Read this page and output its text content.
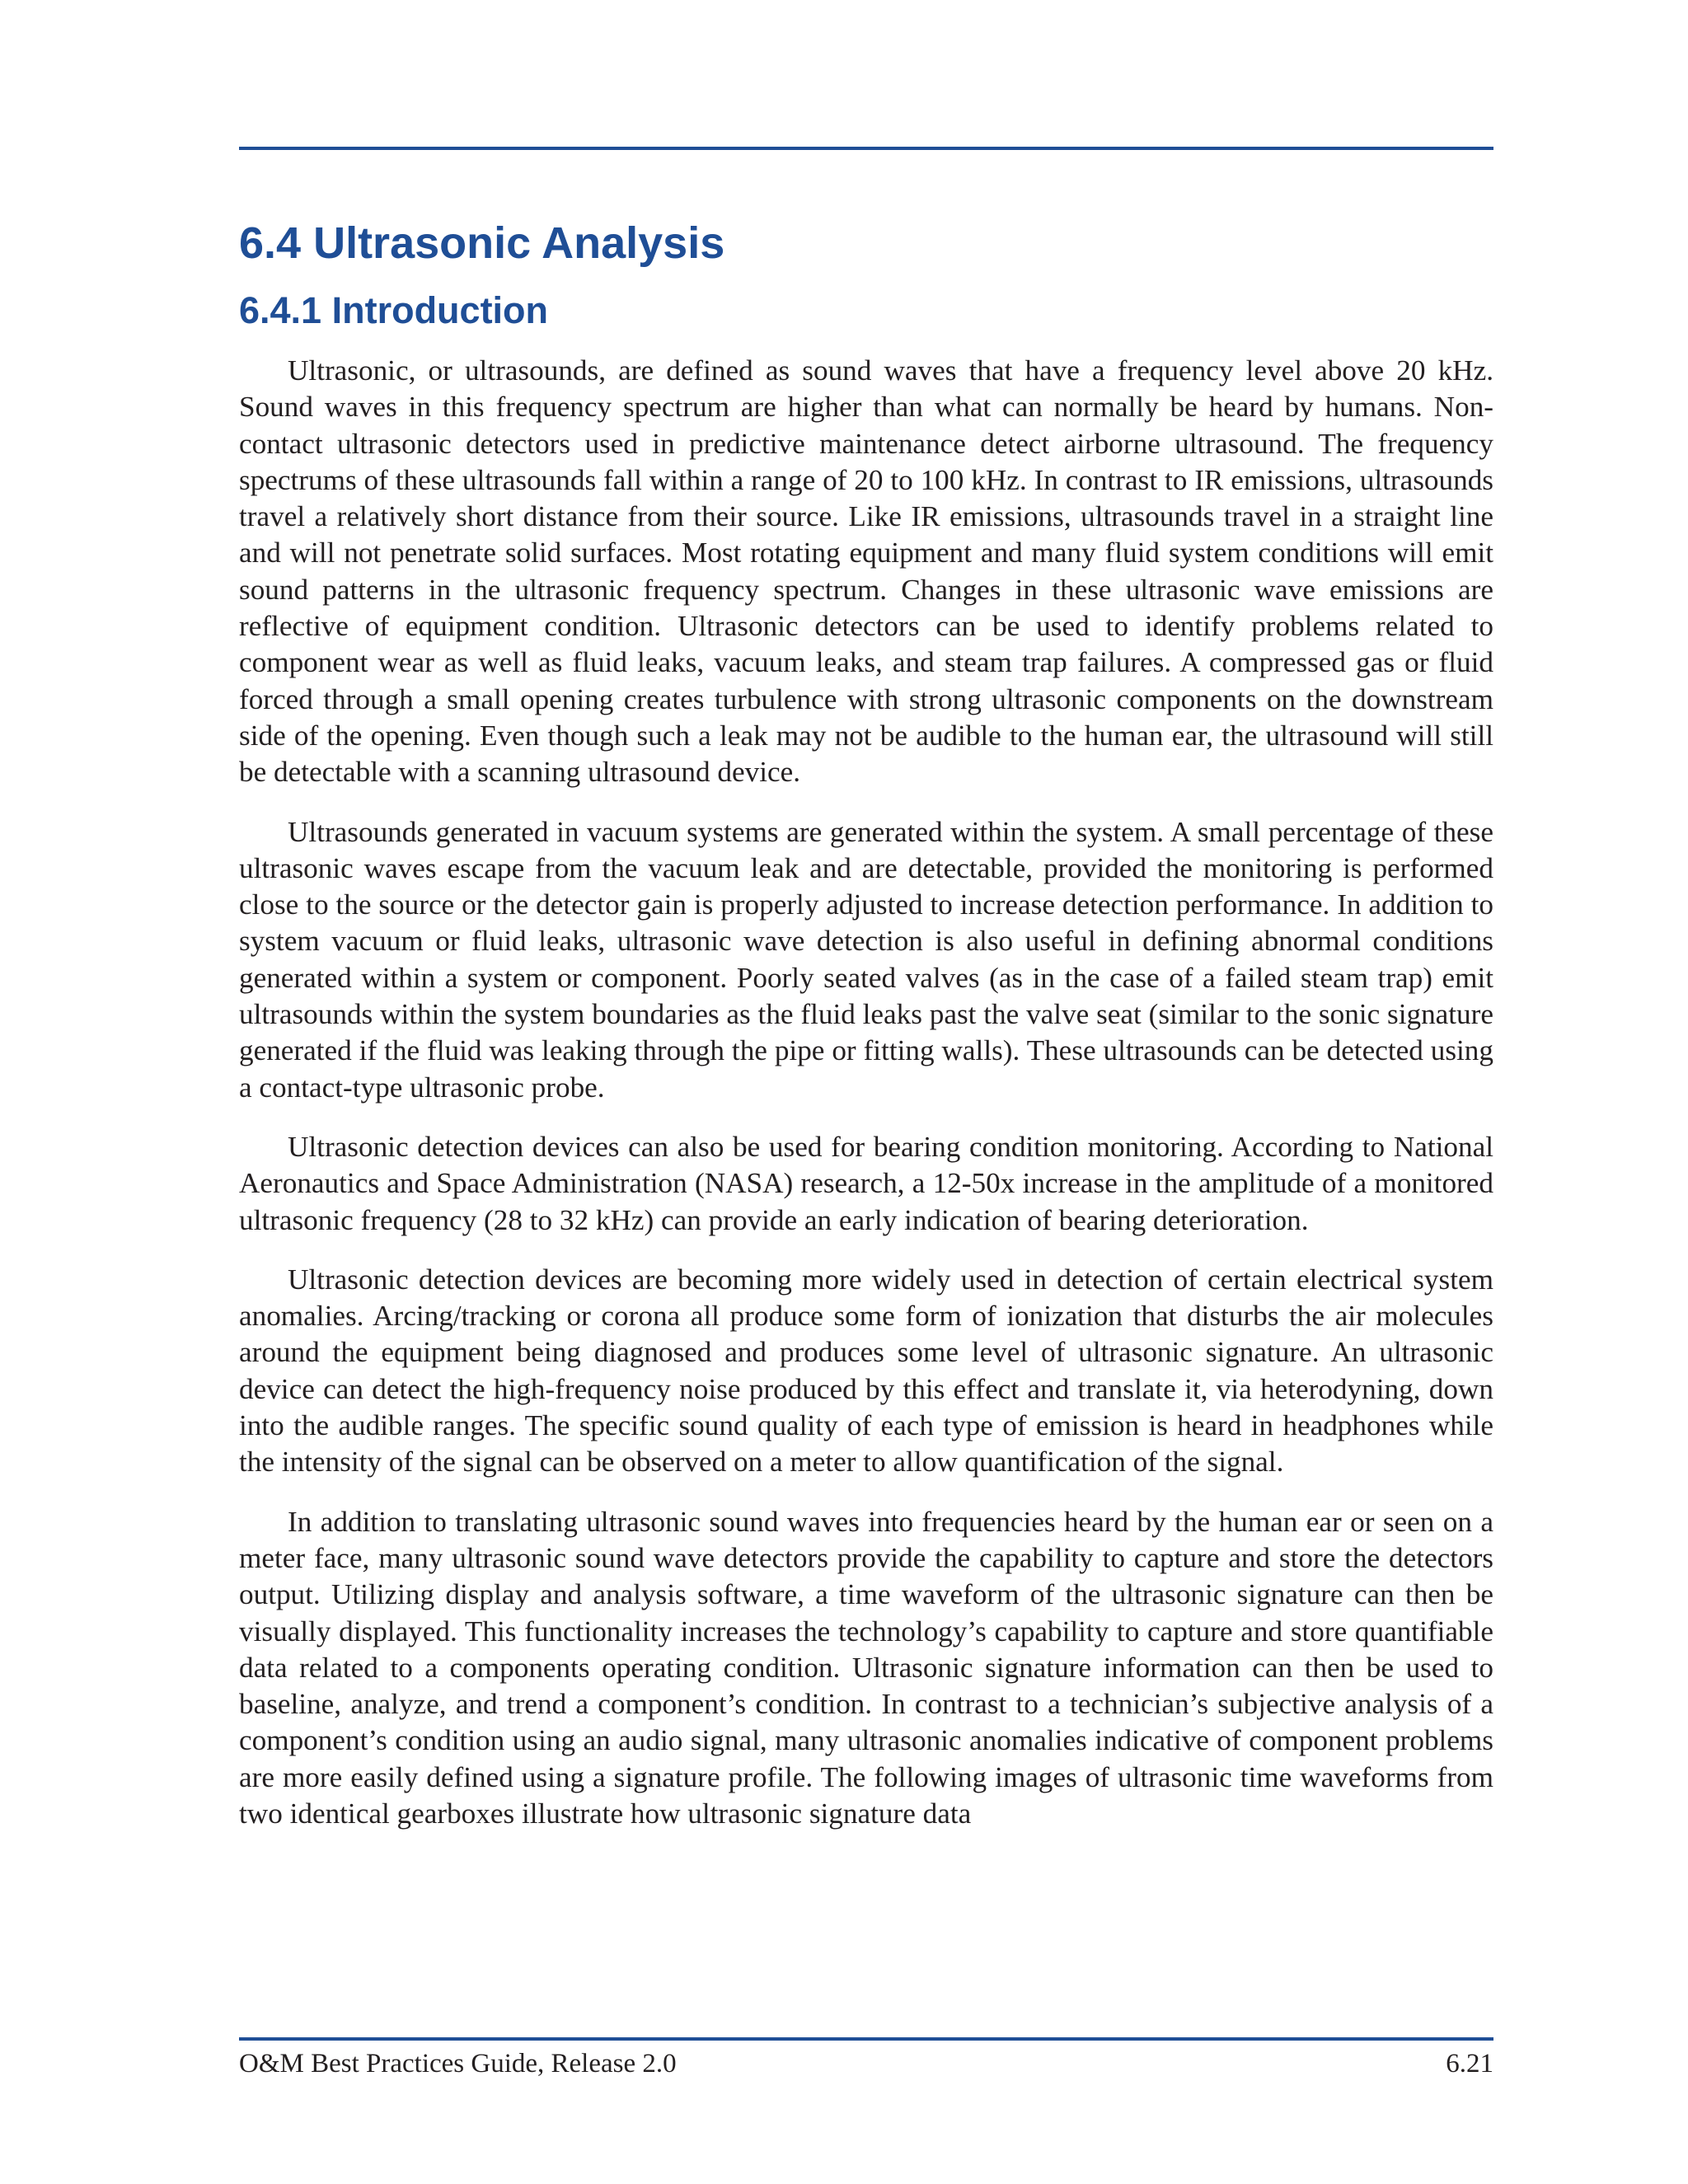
6.4 Ultrasonic Analysis
6.4.1 Introduction

Ultrasonic, or ultrasounds, are defined as sound waves that have a frequency level above 20 kHz. Sound waves in this frequency spectrum are higher than what can normally be heard by humans. Non-contact ultrasonic detectors used in predictive maintenance detect airborne ultrasound. The frequency spectrums of these ultrasounds fall within a range of 20 to 100 kHz. In contrast to IR emissions, ultrasounds travel a relatively short distance from their source. Like IR emissions, ultrasounds travel in a straight line and will not penetrate solid surfaces. Most rotating equipment and many fluid system conditions will emit sound patterns in the ultrasonic frequency spectrum. Changes in these ultrasonic wave emissions are reflective of equipment condition. Ultrasonic detectors can be used to identify problems related to component wear as well as fluid leaks, vacuum leaks, and steam trap failures. A compressed gas or fluid forced through a small opening creates turbulence with strong ultrasonic components on the downstream side of the opening. Even though such a leak may not be audible to the human ear, the ultrasound will still be detectable with a scanning ultrasound device.

Ultrasounds generated in vacuum systems are generated within the system. A small percentage of these ultrasonic waves escape from the vacuum leak and are detectable, provided the monitoring is performed close to the source or the detector gain is properly adjusted to increase detection performance. In addition to system vacuum or fluid leaks, ultrasonic wave detection is also useful in defining abnormal conditions generated within a system or component. Poorly seated valves (as in the case of a failed steam trap) emit ultrasounds within the system boundaries as the fluid leaks past the valve seat (similar to the sonic signature generated if the fluid was leaking through the pipe or fitting walls). These ultrasounds can be detected using a contact-type ultrasonic probe.

Ultrasonic detection devices can also be used for bearing condition monitoring. According to National Aeronautics and Space Administration (NASA) research, a 12-50x increase in the amplitude of a monitored ultrasonic frequency (28 to 32 kHz) can provide an early indication of bearing deterioration.

Ultrasonic detection devices are becoming more widely used in detection of certain electrical system anomalies. Arcing/tracking or corona all produce some form of ionization that disturbs the air molecules around the equipment being diagnosed and produces some level of ultrasonic signature. An ultrasonic device can detect the high-frequency noise produced by this effect and translate it, via heterodyning, down into the audible ranges. The specific sound quality of each type of emission is heard in headphones while the intensity of the signal can be observed on a meter to allow quantification of the signal.

In addition to translating ultrasonic sound waves into frequencies heard by the human ear or seen on a meter face, many ultrasonic sound wave detectors provide the capability to capture and store the detectors output. Utilizing display and analysis software, a time waveform of the ultrasonic signature can then be visually displayed. This functionality increases the technology’s capability to capture and store quantifiable data related to a components operating condition. Ultrasonic signature information can then be used to baseline, analyze, and trend a component’s condition. In contrast to a technician’s subjective analysis of a component’s condition using an audio signal, many ultrasonic anomalies indicative of component problems are more easily defined using a signature profile. The following images of ultrasonic time waveforms from two identical gearboxes illustrate how ultrasonic signature data

O&M Best Practices Guide, Release 2.0	6.21
